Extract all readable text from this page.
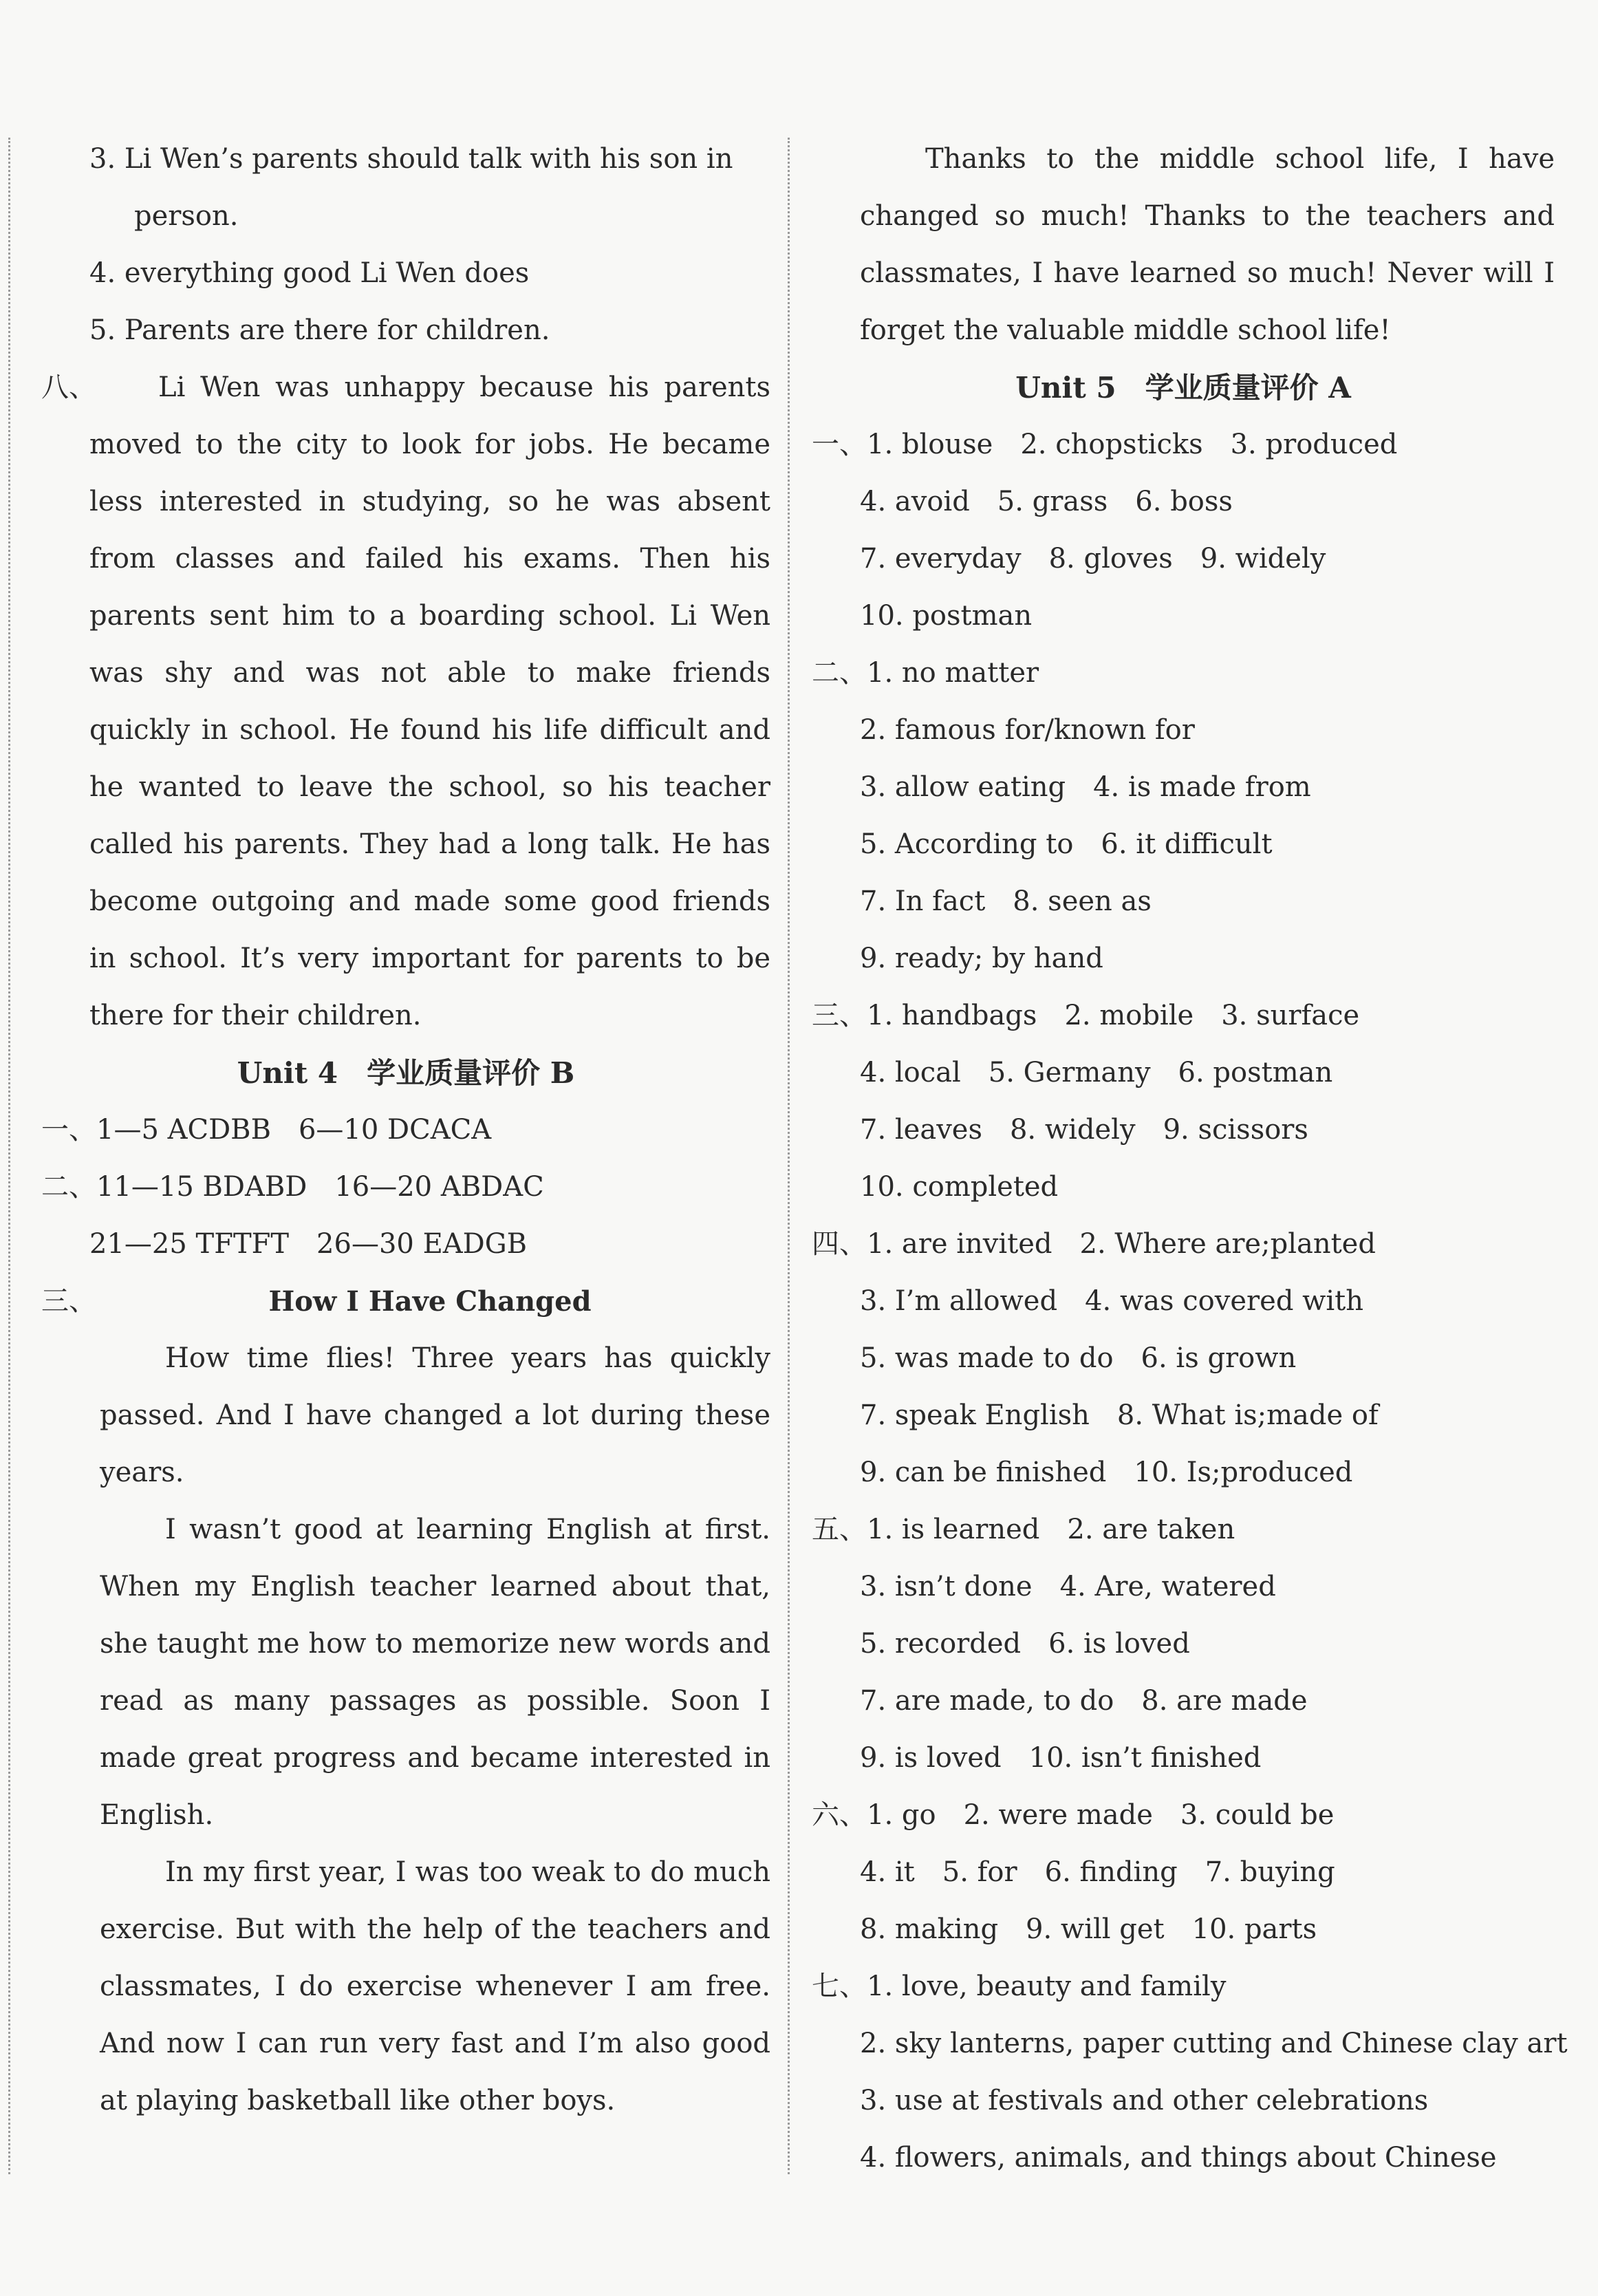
3. Li Wen’s parents should talk with his son in
person.
4. everything good Li Wen does
5. Parents are there for children.
八、	Li Wen was unhappy because his parents moved to the city to look for jobs. He became less interested in studying, so he was absent from classes and failed his exams. Then his parents sent him to a boarding school. Li Wen was shy and was not able to make friends quickly in school. He found his life difficult and he wanted to leave the school, so his teacher called his parents. They had a long talk. He has become outgoing and made some good friends in school. It’s very important for parents to be there for their children.

Unit 4　学业质量评价 B
一、1—5 ACDBB　6—10 DCACA
二、11—15 BDABD　16—20 ABDAC
21—25 TFTFT　26—30 EADGB
三、	How I Have Changed

How time flies! Three years has quickly passed. And I have changed a lot during these years.

I wasn’t good at learning English at first. When my English teacher learned about that, she taught me how to memorize new words and read as many passages as possible. Soon I made great progress and became interested in English.

In my first year, I was too weak to do much exercise. But with the help of the teachers and classmates, I do exercise whenever I am free. And now I can run very fast and I’m also good at playing basketball like other boys.

Thanks to the middle school life, I have changed so much! Thanks to the teachers and classmates, I have learned so much! Never will I forget the valuable middle school life!

Unit 5　学业质量评价 A
一、1. blouse　2. chopsticks　3. produced
4. avoid　5. grass　6. boss
7. everyday　8. gloves　9. widely
10. postman
二、1. no matter
2. famous for/known for
3. allow eating　4. is made from
5. According to　6. it difficult
7. In fact　8. seen as
9. ready; by hand
三、1. handbags　2. mobile　3. surface
4. local　5. Germany　6. postman
7. leaves　8. widely　9. scissors
10. completed
四、1. are invited　2. Where are;planted
3. I’m allowed　4. was covered with
5. was made to do　6. is grown
7. speak English　8. What is;made of
9. can be finished　10. Is;produced
五、1. is learned　2. are taken
3. isn’t done　4. Are, watered
5. recorded　6. is loved
7. are made, to do　8. are made
9. is loved　10. isn’t finished
六、1. go　2. were made　3. could be
4. it　5. for　6. finding　7. buying
8. making　9. will get　10. parts
七、1. love, beauty and family
2. sky lanterns, paper cutting and Chinese clay art
3. use at festivals and other celebrations
4. flowers, animals, and things about Chinese
